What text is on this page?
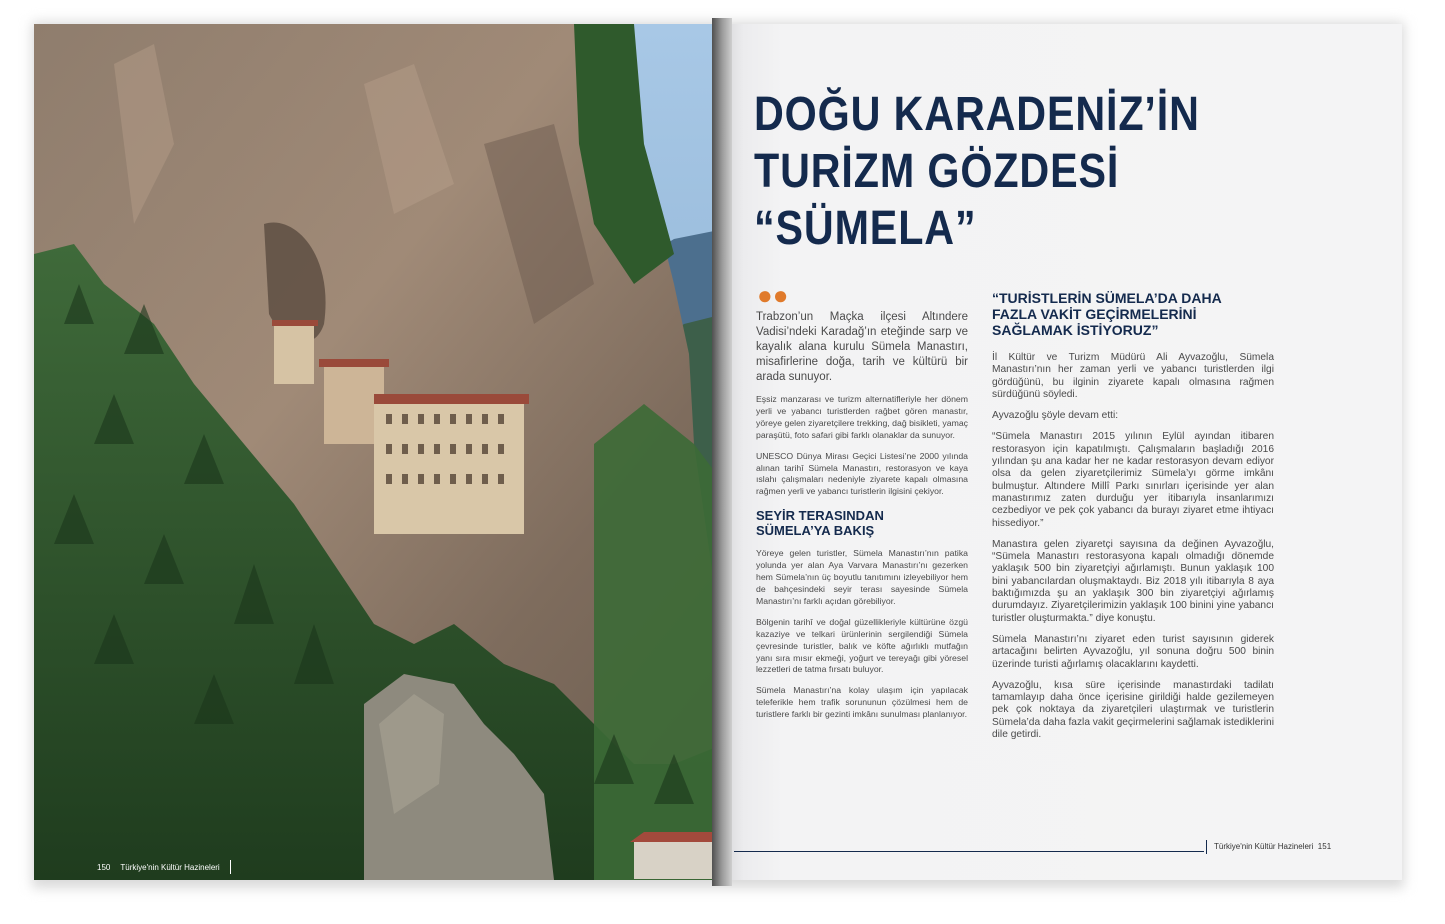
150 Türkiye'nin Kültür Hazineleri
DOĞU KARADENİZ’İN
TURİZM GÖZDESİ
“SÜMELA”
●●

Trabzon’un Maçka ilçesi Altındere Vadisi’ndeki Karadağ’ın eteğinde sarp ve kayalık alana kurulu Sümela Manastırı, misafirlerine doğa, tarih ve kültürü bir arada sunuyor.

Eşsiz manzarası ve turizm alternatifleriyle her dönem yerli ve yabancı turistlerden rağbet gören manastır, yöreye gelen ziyaretçilere trekking, dağ bisikleti, yamaç paraşütü, foto safari gibi farklı olanaklar da sunuyor.

UNESCO Dünya Mirası Geçici Listesi’ne 2000 yılında alınan tarihî Sümela Manastırı, restorasyon ve kaya ıslahı çalışmaları nedeniyle ziyarete kapalı olmasına rağmen yerli ve yabancı turistlerin ilgisini çekiyor.

SEYİR TERASINDAN
SÜMELA’YA BAKIŞ

Yöreye gelen turistler, Sümela Manastırı’nın patika yolunda yer alan Aya Varvara Manastırı’nı gezerken hem Sümela’nın üç boyutlu tanıtımını izleyebiliyor hem de bahçesindeki seyir terası sayesinde Sümela Manastırı’nı farklı açıdan görebiliyor.

Bölgenin tarihî ve doğal güzellikleriyle kültürüne özgü kazaziye ve telkari ürünlerinin sergilendiği Sümela çevresinde turistler, balık ve köfte ağırlıklı mutfağın yanı sıra mısır ekmeği, yoğurt ve tereyağı gibi yöresel lezzetleri de tatma fırsatı buluyor.

Sümela Manastırı’na kolay ulaşım için yapılacak teleferikle hem trafik sorununun çözülmesi hem de turistlere farklı bir gezinti imkânı sunulması planlanıyor.

“TURİSTLERİN SÜMELA’DA DAHA
FAZLA VAKİT GEÇİRMELERİNİ
SAĞLAMAK İSTİYORUZ”

İl Kültür ve Turizm Müdürü Ali Ayvazoğlu, Sümela Manastırı’nın her zaman yerli ve yabancı turistlerden ilgi gördüğünü, bu ilginin ziyarete kapalı olmasına rağmen sürdüğünü söyledi.

Ayvazoğlu şöyle devam etti:

“Sümela Manastırı 2015 yılının Eylül ayından itibaren restorasyon için kapatılmıştı. Çalışmaların başladığı 2016 yılından şu ana kadar her ne kadar restorasyon devam ediyor olsa da gelen ziyaretçilerimiz Sümela’yı görme imkânı bulmuştur. Altındere Millî Parkı sınırları içerisinde yer alan manastırımız zaten durduğu yer itibarıyla insanlarımızı cezbediyor ve pek çok yabancı da burayı ziyaret etme ihtiyacı hissediyor.”

Manastıra gelen ziyaretçi sayısına da değinen Ayvazoğlu, “Sümela Manastırı restorasyona kapalı olmadığı dönemde yaklaşık 500 bin ziyaretçiyi ağırlamıştı. Bunun yaklaşık 100 bini yabancılardan oluşmaktaydı. Biz 2018 yılı itibarıyla 8 aya baktığımızda şu an yaklaşık 300 bin ziyaretçiyi ağırlamış durumdayız. Ziyaretçilerimizin yaklaşık 100 binini yine yabancı turistler oluşturmakta.” diye konuştu.

Sümela Manastırı’nı ziyaret eden turist sayısının giderek artacağını belirten Ayvazoğlu, yıl sonuna doğru 500 binin üzerinde turisti ağırlamış olacaklarını kaydetti.

Ayvazoğlu, kısa süre içerisinde manastırdaki tadilatı tamamlayıp daha önce içerisine girildiği halde gezilemeyen pek çok noktaya da ziyaretçileri ulaştırmak ve turistlerin Sümela’da daha fazla vakit geçirmelerini sağlamak istediklerini dile getirdi.

Türkiye'nin Kültür Hazineleri 151
